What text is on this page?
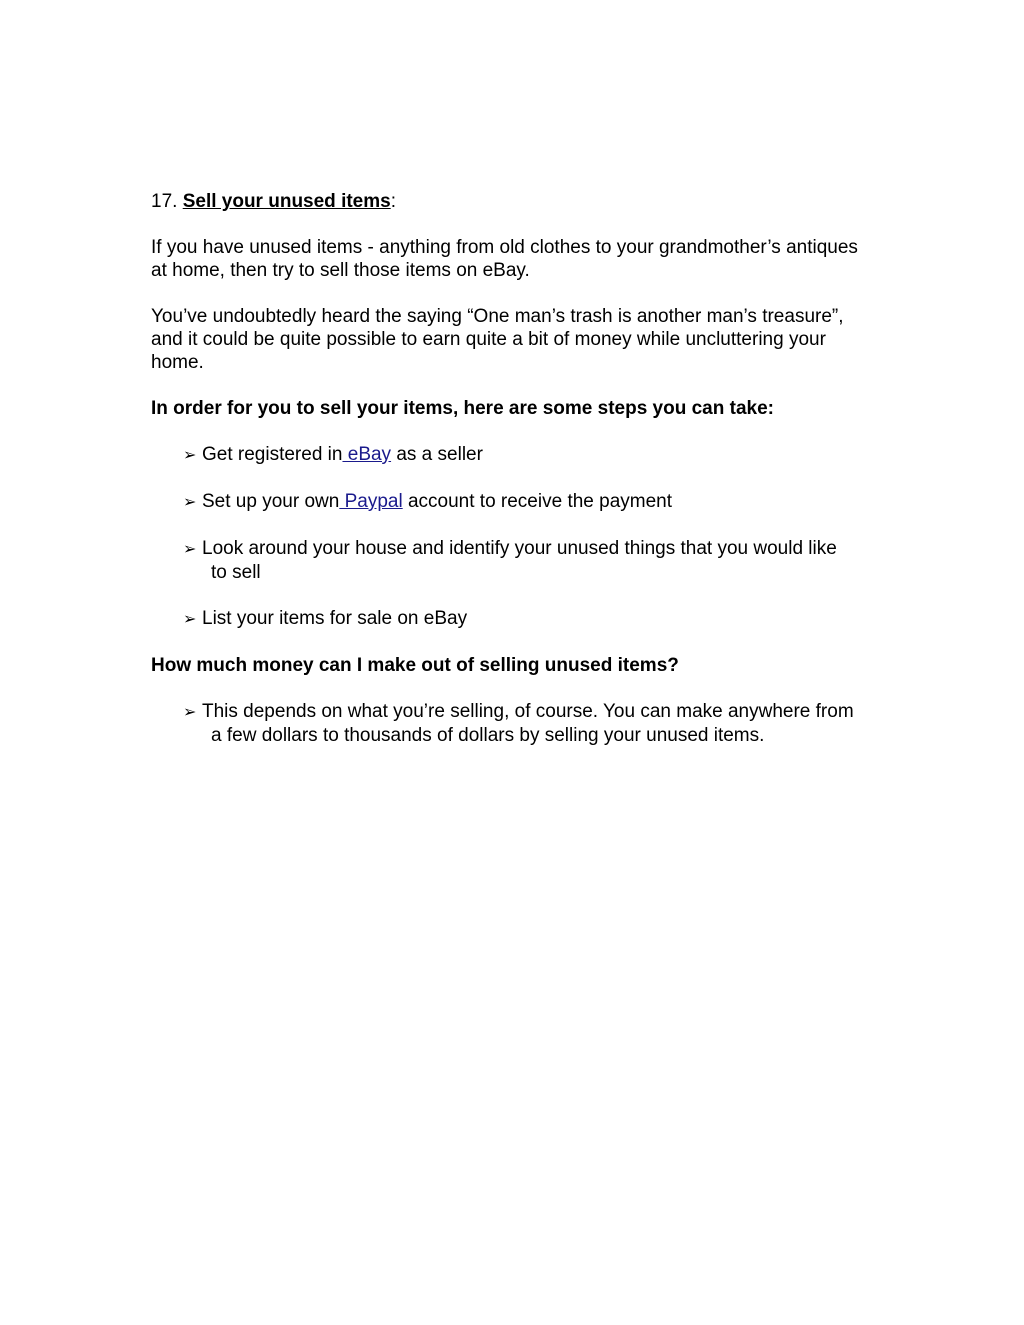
17. Sell your unused items:

If you have unused items - anything from old clothes to your grandmother’s antiques

at home, then try to sell those items on eBay.

You’ve undoubtedly heard the saying “One man’s trash is another man’s treasure”,

and it could be quite possible to earn quite a bit of money while uncluttering your

home.

In order for you to sell your items, here are some steps you can take:

➢ Get registered in eBay as a seller

➢ Set up your own Paypal account to receive the payment

➢ Look around your house and identify your unused things that you would like

to sell

➢ List your items for sale on eBay

How much money can I make out of selling unused items?

➢ This depends on what you’re selling, of course. You can make anywhere from

a few dollars to thousands of dollars by selling your unused items.
